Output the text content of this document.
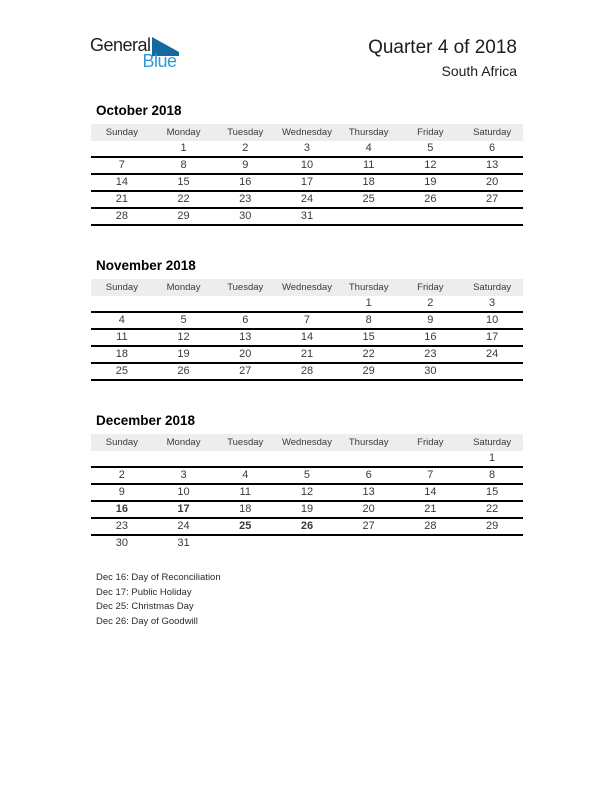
General
Blue
Quarter 4 of 2018
South Africa
October 2018
Sunday	Monday	Tuesday	Wednesday	Thursday	Friday	Saturday
	1	2	3	4	5	6
7	8	9	10	11	12	13
14	15	16	17	18	19	20
21	22	23	24	25	26	27
28	29	30	31			
November 2018
Sunday	Monday	Tuesday	Wednesday	Thursday	Friday	Saturday
				1	2	3
4	5	6	7	8	9	10
11	12	13	14	15	16	17
18	19	20	21	22	23	24
25	26	27	28	29	30	
December 2018
Sunday	Monday	Tuesday	Wednesday	Thursday	Friday	Saturday
						1
2	3	4	5	6	7	8
9	10	11	12	13	14	15
16	17	18	19	20	21	22
23	24	25	26	27	28	29
30	31					
Dec 16: Day of Reconciliation
Dec 17: Public Holiday
Dec 25: Christmas Day
Dec 26: Day of Goodwill
